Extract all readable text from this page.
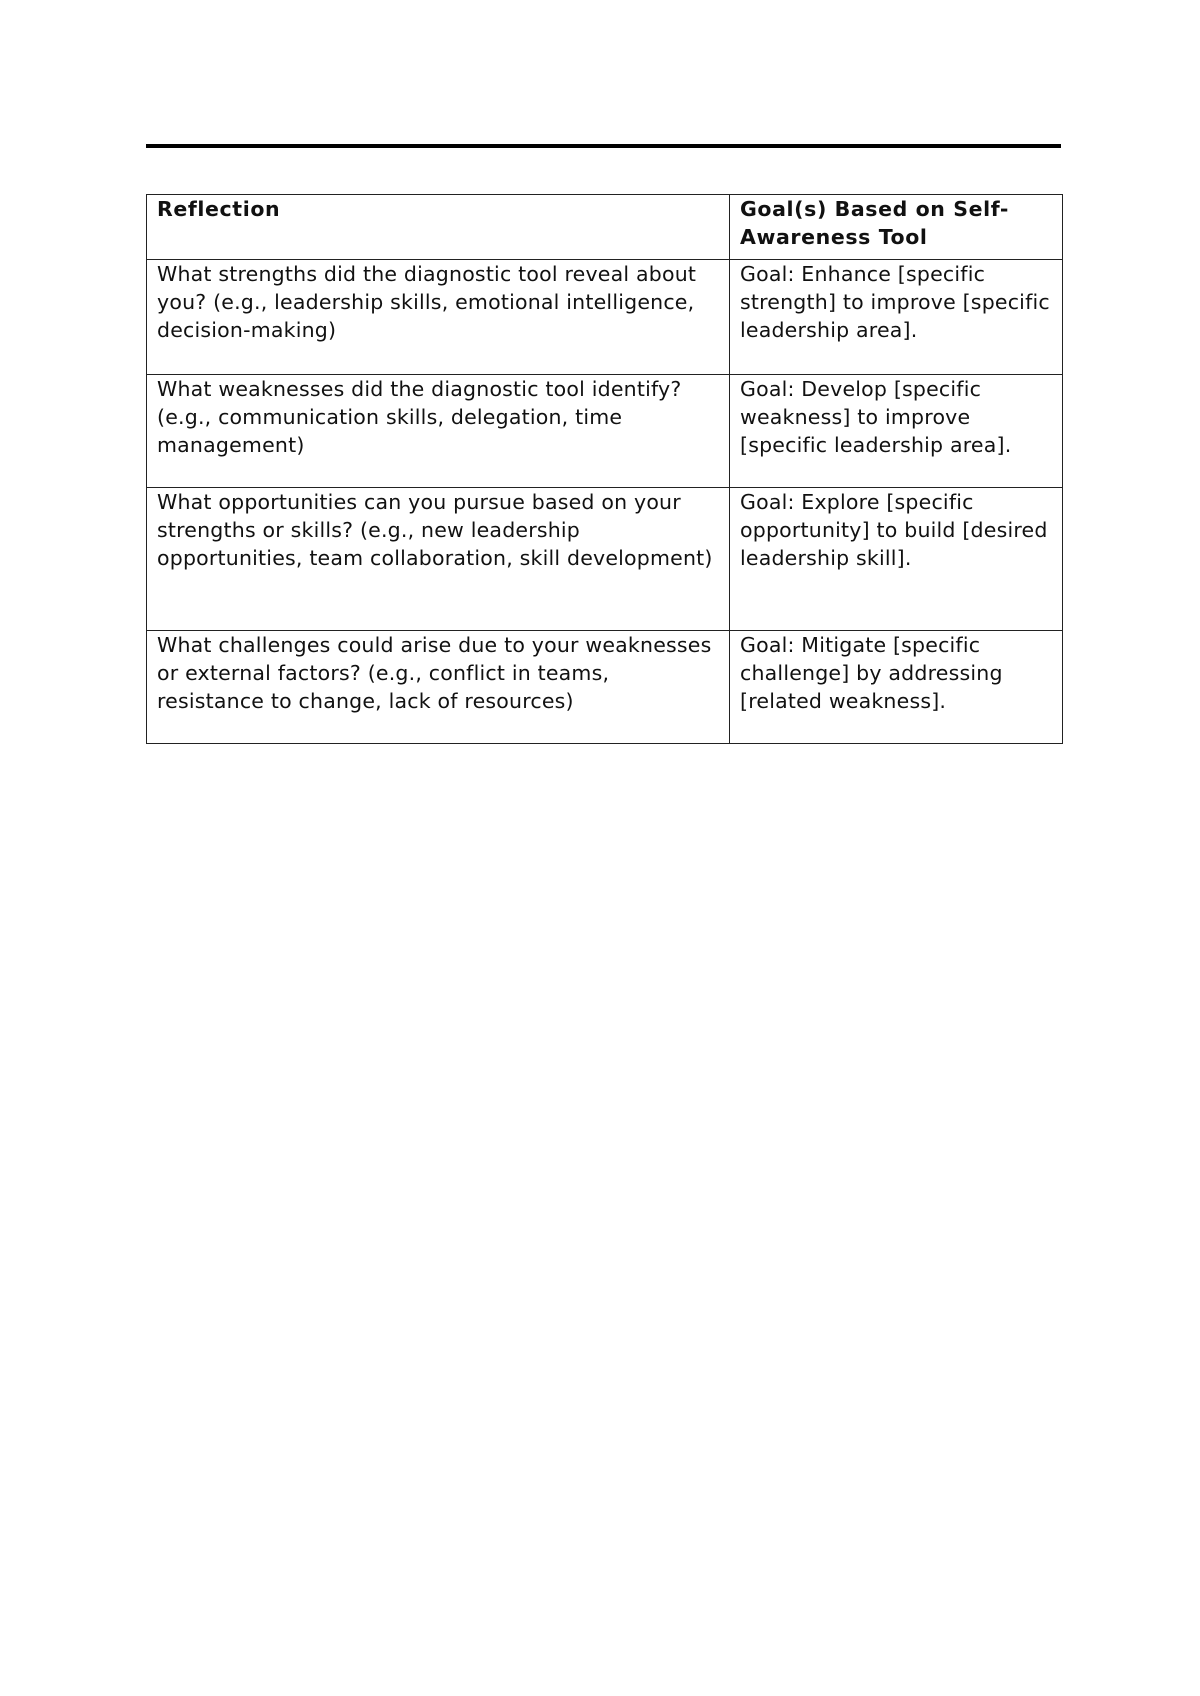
Reflection	Goal(s) Based on Self-Awareness Tool
What strengths did the diagnostic tool reveal about you? (e.g., leadership skills, emotional intelligence, decision-making)	Goal: Enhance [specific strength] to improve [specific leadership area].
What weaknesses did the diagnostic tool identify? (e.g., communication skills, delegation, time management)	Goal: Develop [specific weakness] to improve [specific leadership area].
What opportunities can you pursue based on your strengths or skills? (e.g., new leadership opportunities, team collaboration, skill development)	Goal: Explore [specific opportunity] to build [desired leadership skill].
What challenges could arise due to your weaknesses or external factors? (e.g., conflict in teams, resistance to change, lack of resources)	Goal: Mitigate [specific challenge] by addressing [related weakness].
